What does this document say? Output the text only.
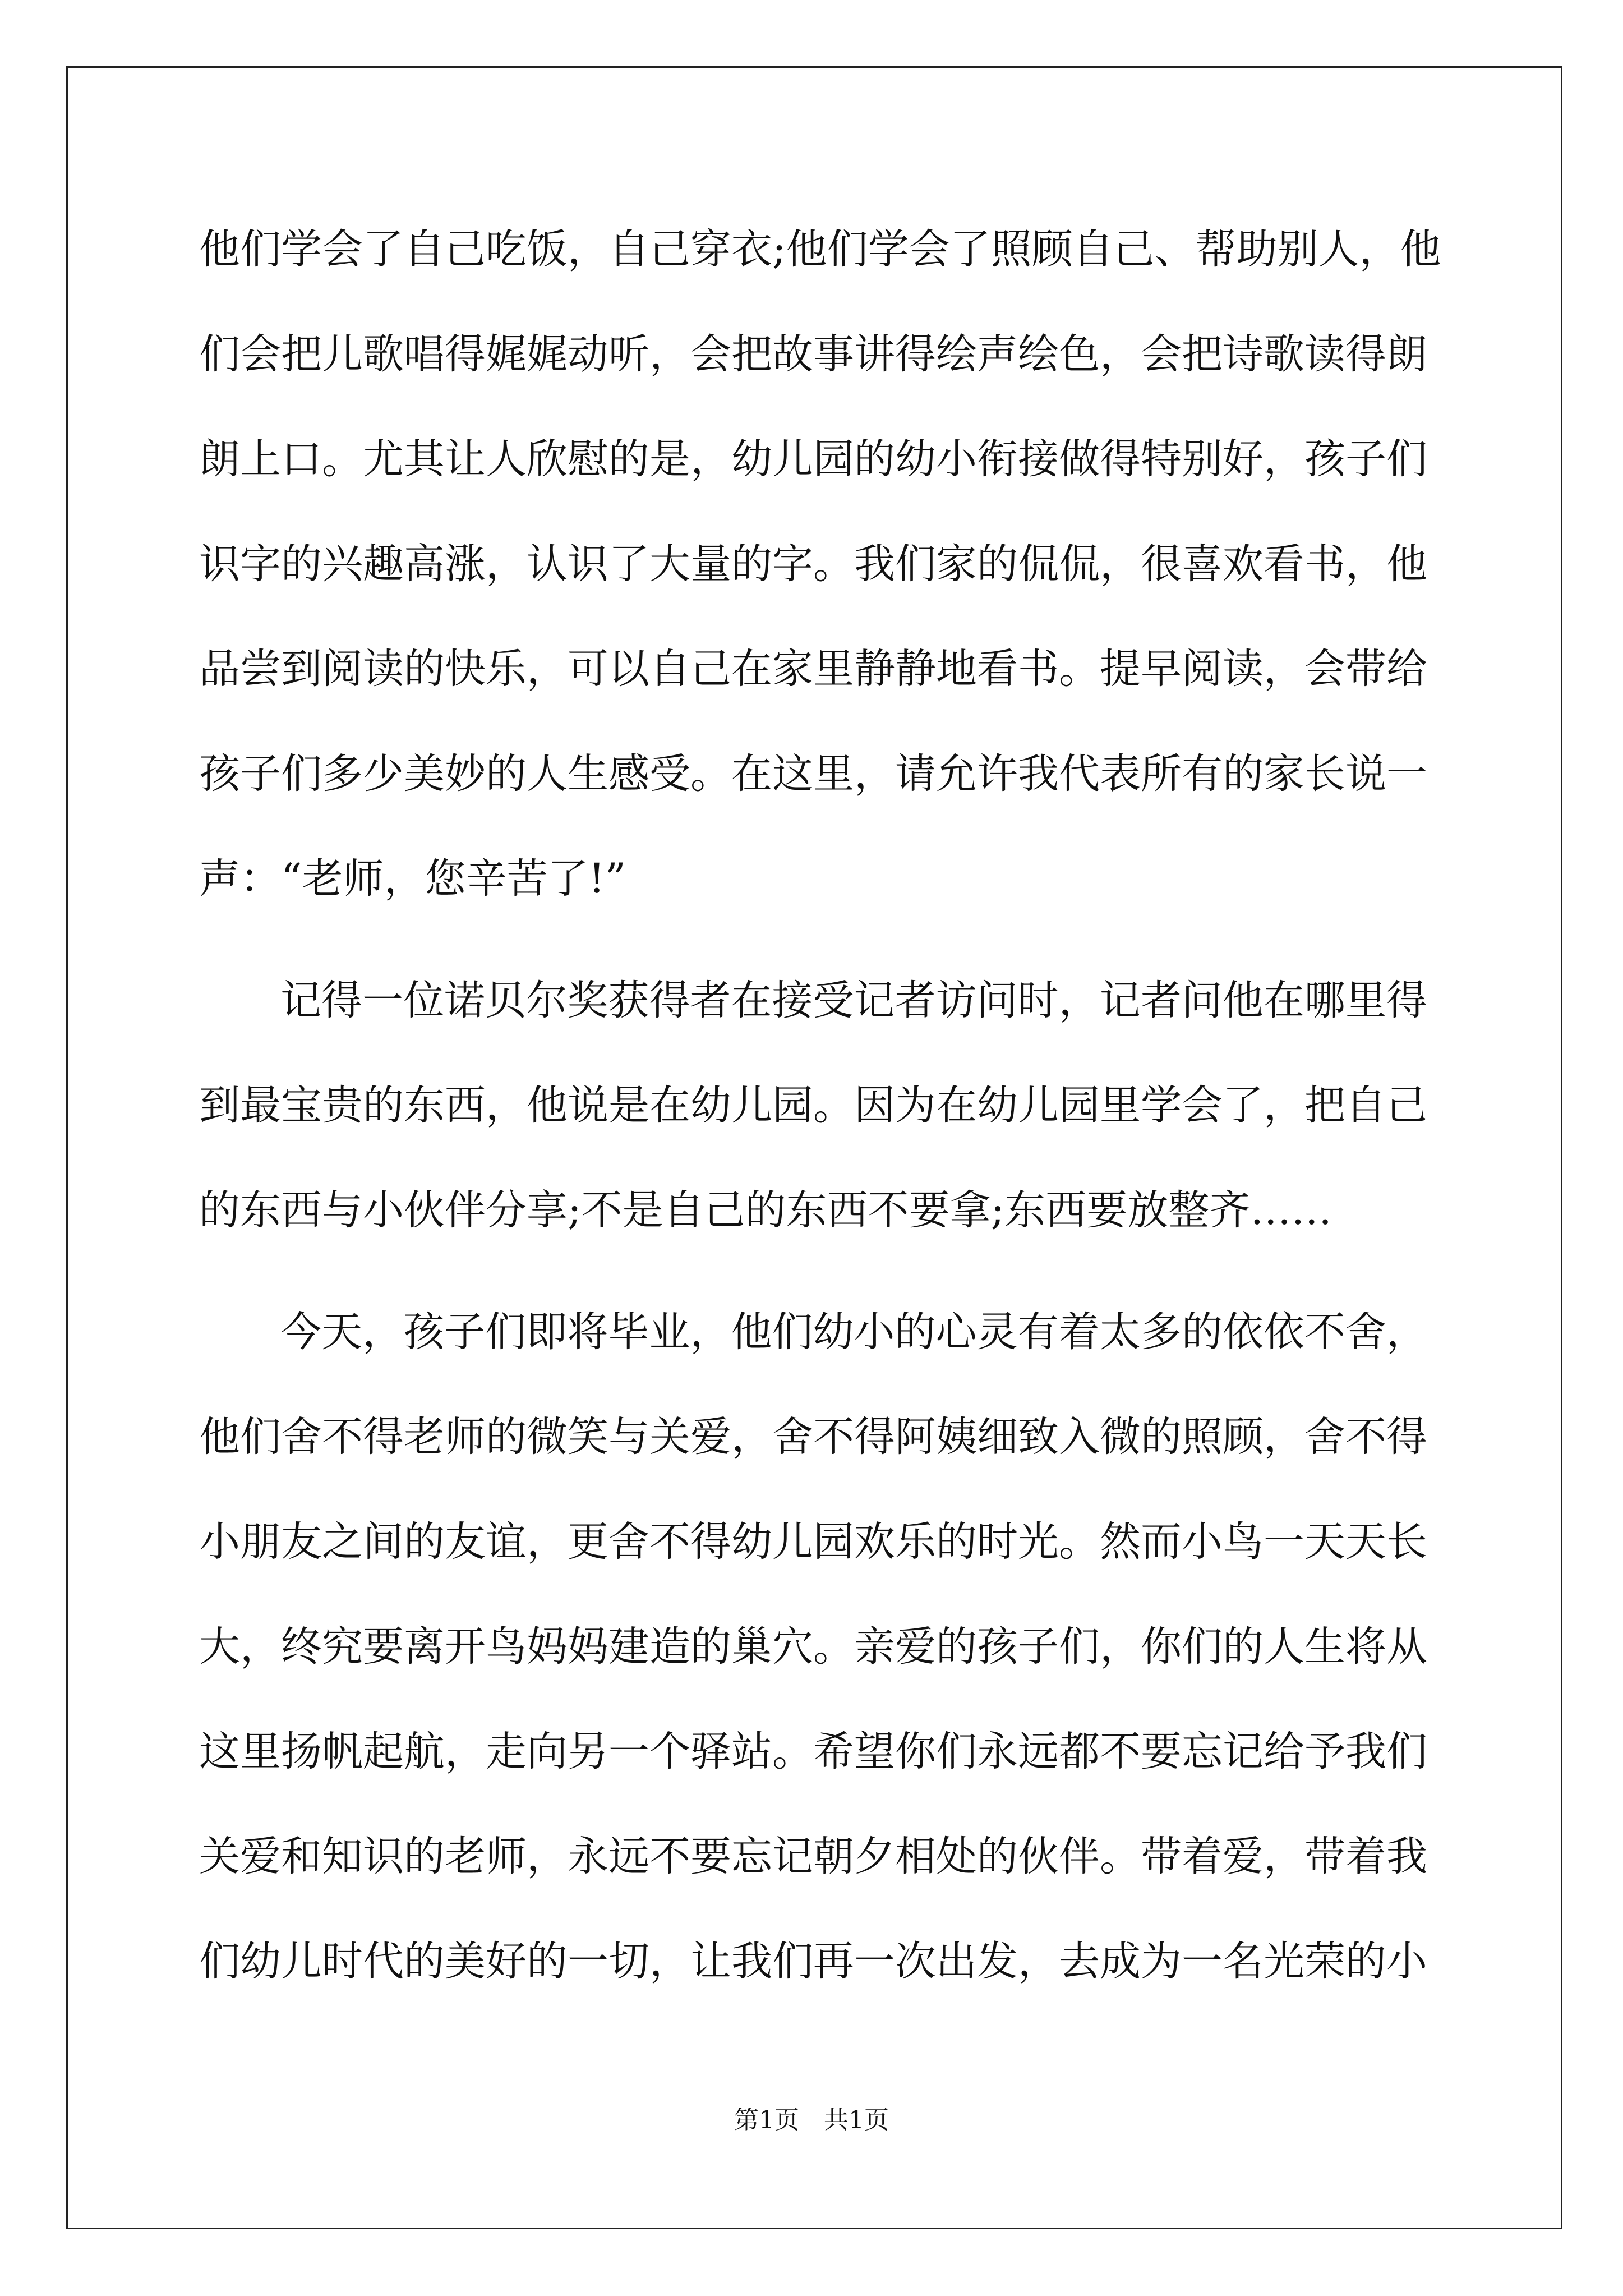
他们学会了自己吃饭，自己穿衣;他们学会了照顾自己、帮助别人，他
们会把儿歌唱得娓娓动听，会把故事讲得绘声绘色，会把诗歌读得朗
朗上口。尤其让人欣慰的是，幼儿园的幼小衔接做得特别好，孩子们
识字的兴趣高涨，认识了大量的字。我们家的侃侃，很喜欢看书，他
品尝到阅读的快乐，可以自己在家里静静地看书。提早阅读，会带给
孩子们多少美妙的人生感受。在这里，请允许我代表所有的家长说一
声：“老师，您辛苦了!”
记得一位诺贝尔奖获得者在接受记者访问时，记者问他在哪里得
到最宝贵的东西，他说是在幼儿园。因为在幼儿园里学会了，把自己
的东西与小伙伴分享;不是自己的东西不要拿;东西要放整齐……
今天，孩子们即将毕业，他们幼小的心灵有着太多的依依不舍，
他们舍不得老师的微笑与关爱，舍不得阿姨细致入微的照顾，舍不得
小朋友之间的友谊，更舍不得幼儿园欢乐的时光。然而小鸟一天天长
大，终究要离开鸟妈妈建造的巢穴。亲爱的孩子们，你们的人生将从
这里扬帆起航，走向另一个驿站。希望你们永远都不要忘记给予我们
关爱和知识的老师，永远不要忘记朝夕相处的伙伴。带着爱，带着我
们幼儿时代的美好的一切，让我们再一次出发，去成为一名光荣的小
第1页　共1页
